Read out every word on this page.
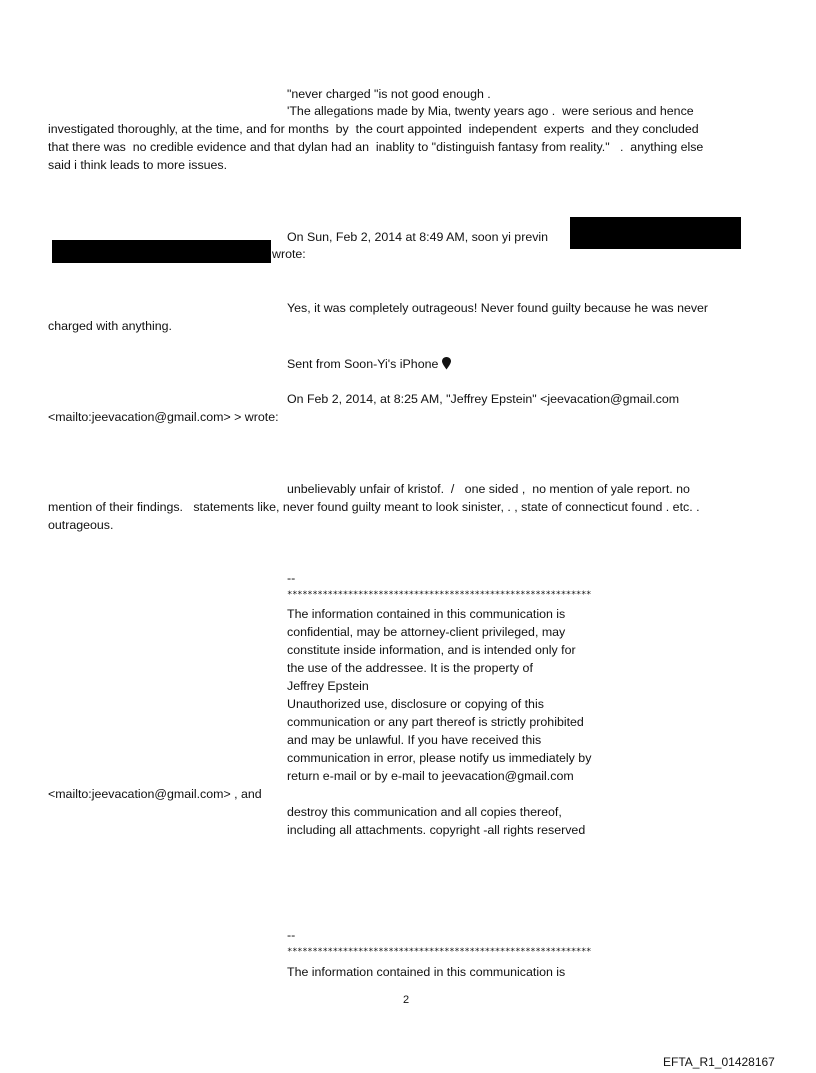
"never charged "is not good enough .
'The allegations made by Mia, twenty years ago .  were serious and hence
investigated thoroughly, at the time, and for months  by  the court appointed  independent  experts  and they concluded
that there was  no credible evidence and that dylan had an  inablity to "distinguish fantasy from reality."   .  anything else
said i think leads to more issues.
On Sun, Feb 2, 2014 at 8:49 AM, soon yi previn
wrote:
Yes, it was completely outrageous! Never found guilty because he was never
charged with anything.
Sent from Soon-Yi's iPhone
On Feb 2, 2014, at 8:25 AM, "Jeffrey Epstein" <jeevacation@gmail.com
<mailto:jeevacation@gmail.com> > wrote:
unbelievably unfair of kristof.  /   one sided ,  no mention of yale report. no
mention of their findings.   statements like, never found guilty meant to look sinister, . , state of connecticut found . etc. .
outrageous.
--
************************************************************
The information contained in this communication is
confidential, may be attorney-client privileged, may
constitute inside information, and is intended only for
the use of the addressee. It is the property of
Jeffrey Epstein
Unauthorized use, disclosure or copying of this
communication or any part thereof is strictly prohibited
and may be unlawful. If you have received this
communication in error, please notify us immediately by
return e-mail or by e-mail to jeevacation@gmail.com
<mailto:jeevacation@gmail.com> , and
destroy this communication and all copies thereof,
including all attachments. copyright -all rights reserved
--
************************************************************
The information contained in this communication is
2
EFTA_R1_01428167
